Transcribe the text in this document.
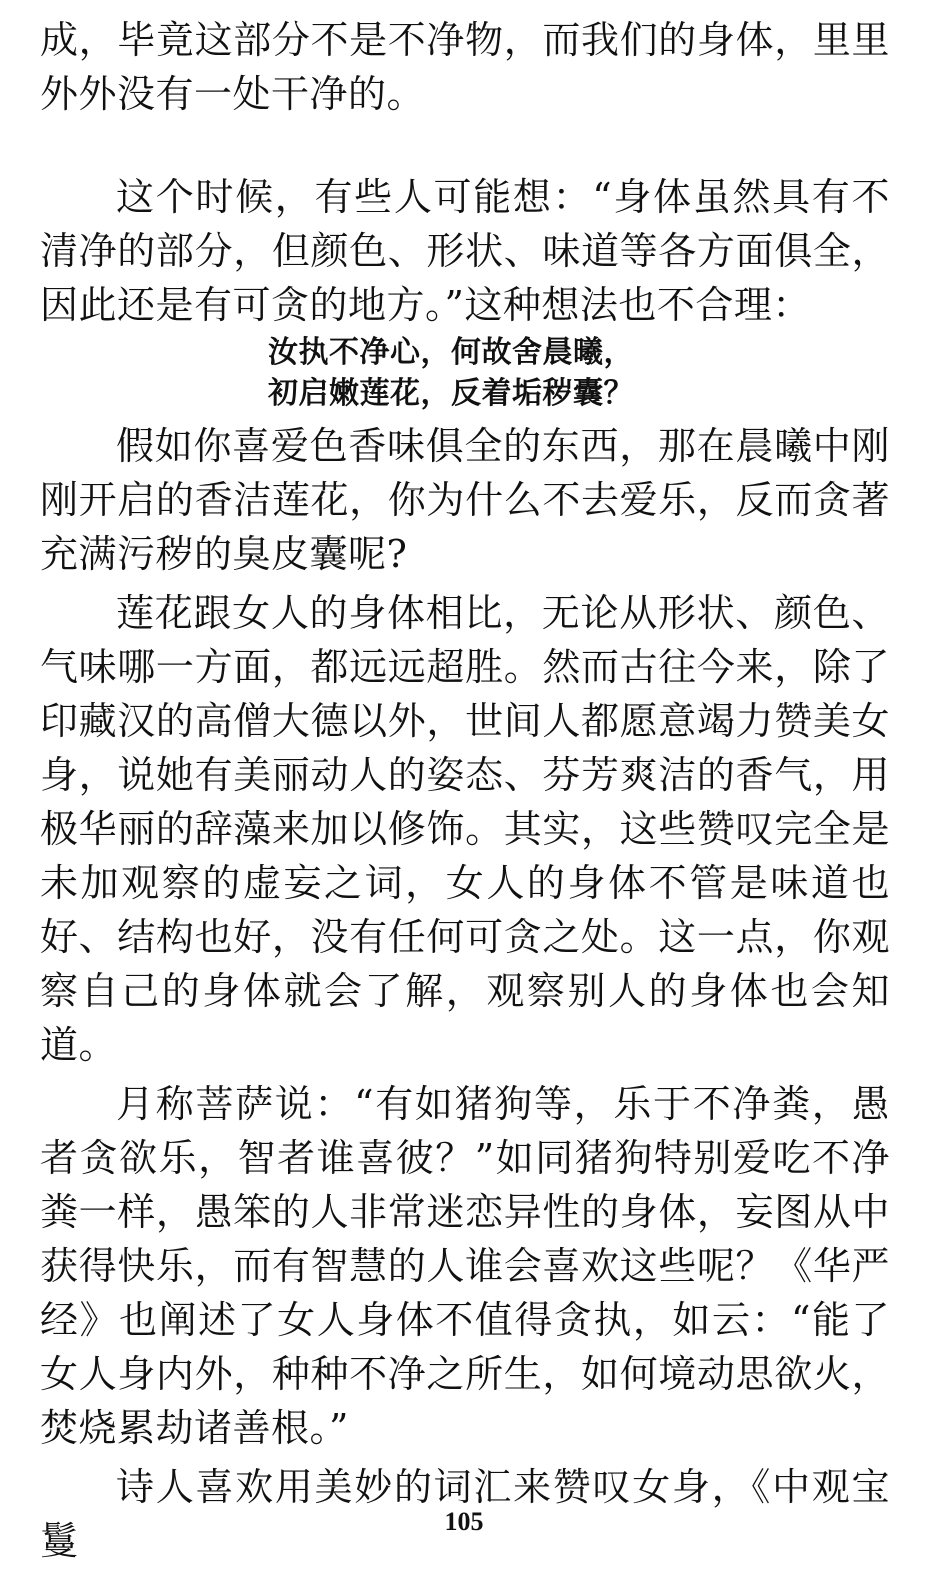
成，毕竟这部分不是不净物，而我们的身体，里里外外没有一处干净的。

这个时候，有些人可能想：“身体虽然具有不清净的部分，但颜色、形状、味道等各方面俱全，因此还是有可贪的地方。”这种想法也不合理：

汝执不净心，何故舍晨曦，

初启嫩莲花，反着垢秽囊？

假如你喜爱色香味俱全的东西，那在晨曦中刚刚开启的香洁莲花，你为什么不去爱乐，反而贪著充满污秽的臭皮囊呢?

莲花跟女人的身体相比，无论从形状、颜色、气味哪一方面，都远远超胜。然而古往今来，除了印藏汉的高僧大德以外，世间人都愿意竭力赞美女身，说她有美丽动人的姿态、芬芳爽洁的香气，用极华丽的辞藻来加以修饰。其实，这些赞叹完全是未加观察的虚妄之词，女人的身体不管是味道也好、结构也好，没有任何可贪之处。这一点，你观察自己的身体就会了解，观察别人的身体也会知道。

月称菩萨说：“有如猪狗等，乐于不净粪，愚者贪欲乐，智者谁喜彼？”如同猪狗特别爱吃不净粪一样，愚笨的人非常迷恋异性的身体，妄图从中获得快乐，而有智慧的人谁会喜欢这些呢？《华严经》也阐述了女人身体不值得贪执，如云：“能了女人身内外，种种不净之所生，如何境动思欲火，焚烧累劫诸善根。”

诗人喜欢用美妙的词汇来赞叹女身，《中观宝鬘	105
